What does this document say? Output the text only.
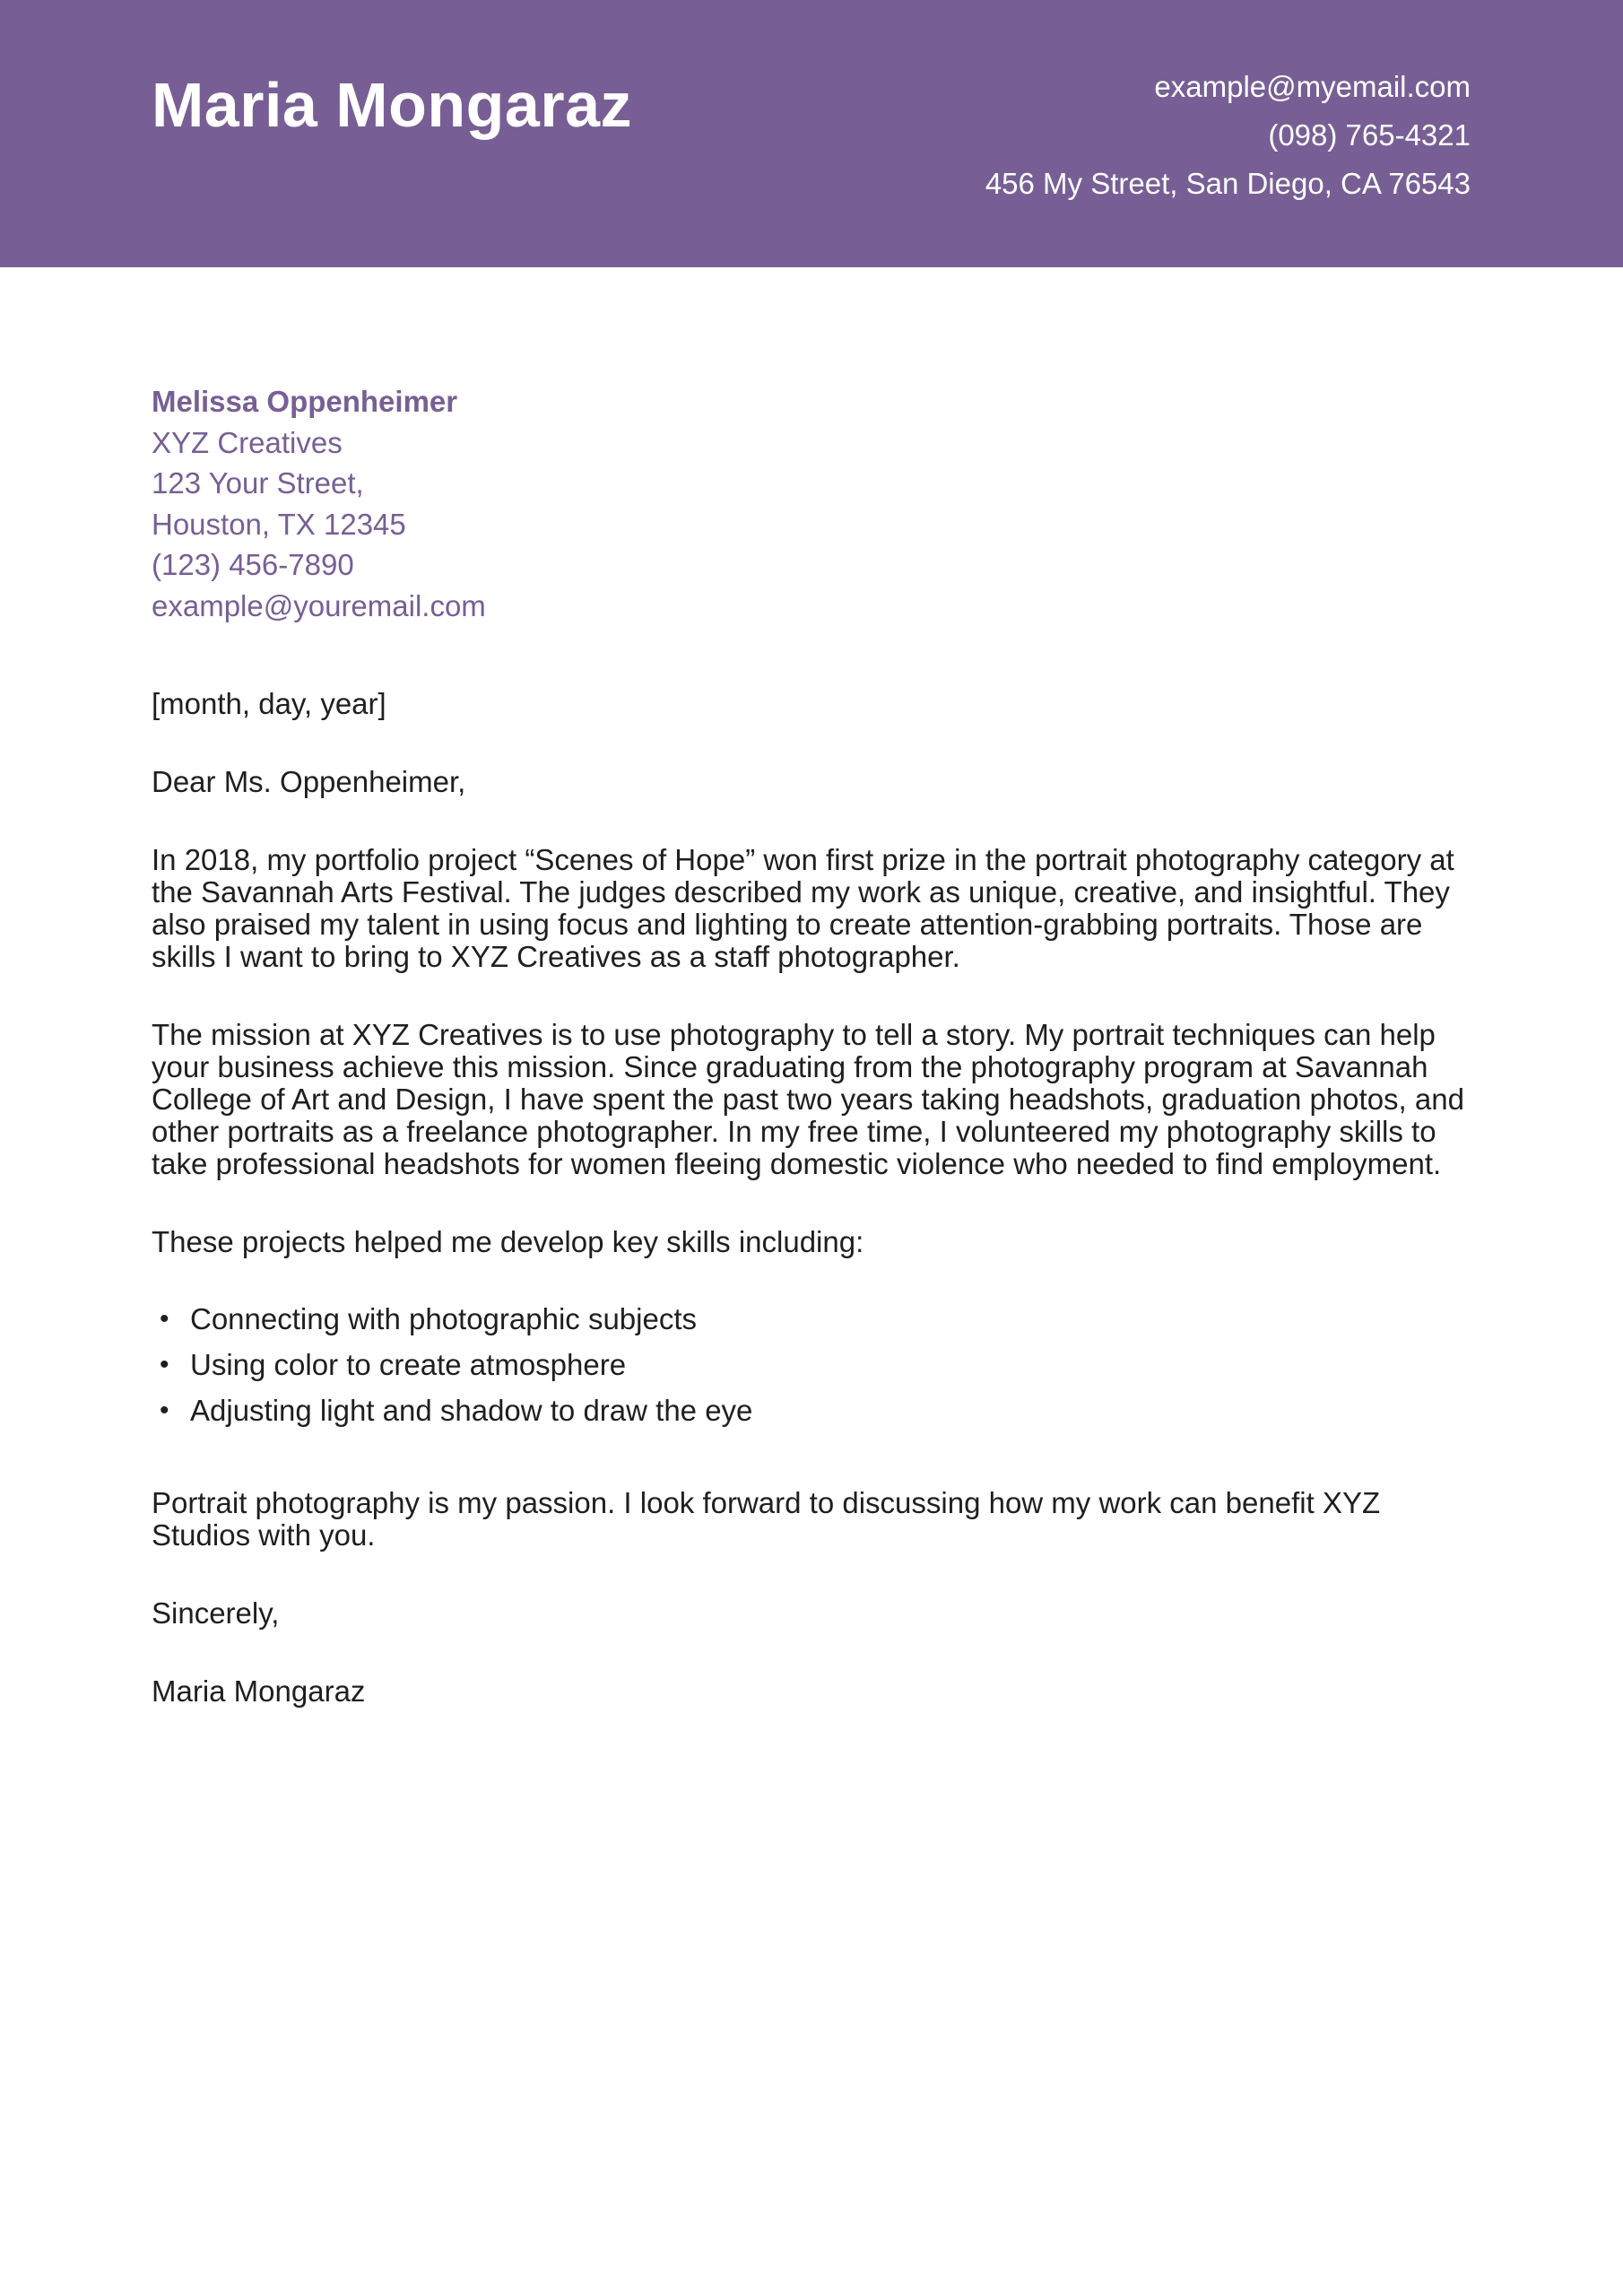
Maria Mongaraz	example@myemail.com
(098) 765-4321
456 My Street, San Diego, CA 76543
Melissa Oppenheimer
XYZ Creatives
123 Your Street,
Houston, TX 12345
(123) 456-7890
example@youremail.com

[month, day, year]

Dear Ms. Oppenheimer,

In 2018, my portfolio project “Scenes of Hope” won first prize in the portrait photography category at the Savannah Arts Festival. The judges described my work as unique, creative, and insightful. They also praised my talent in using focus and lighting to create attention-grabbing portraits. Those are skills I want to bring to XYZ Creatives as a staff photographer.

The mission at XYZ Creatives is to use photography to tell a story. My portrait techniques can help your business achieve this mission. Since graduating from the photography program at Savannah College of Art and Design, I have spent the past two years taking headshots, graduation photos, and other portraits as a freelance photographer. In my free time, I volunteered my photography skills to take professional headshots for women fleeing domestic violence who needed to find employment.

These projects helped me develop key skills including:

• Connecting with photographic subjects
• Using color to create atmosphere
• Adjusting light and shadow to draw the eye

Portrait photography is my passion. I look forward to discussing how my work can benefit XYZ Studios with you.

Sincerely,

Maria Mongaraz
